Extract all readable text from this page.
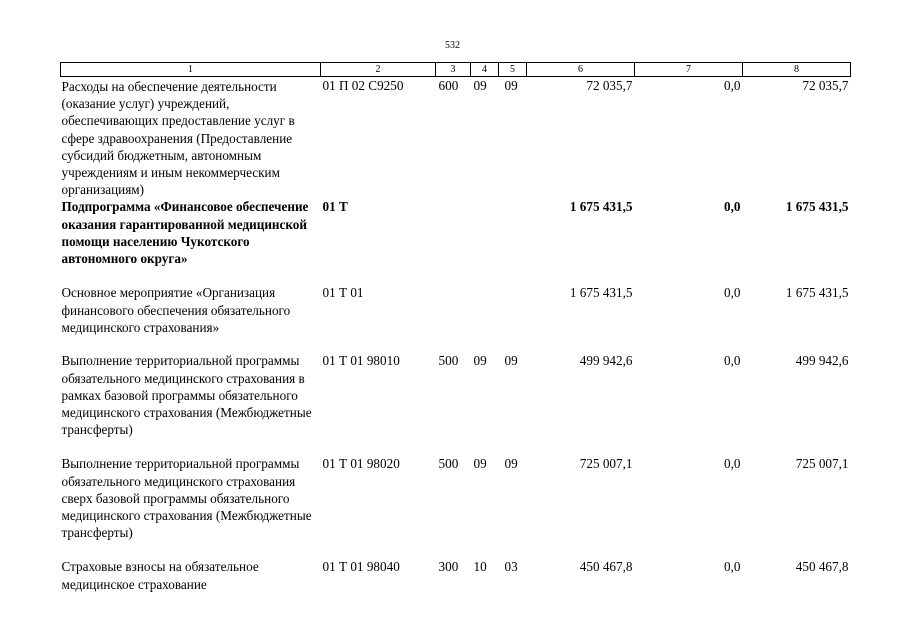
532
1	2	3	4	5	6	7	8
Расходы на обеспечение деятельности (оказание услуг) учреждений, обеспечивающих предоставление услуг в сфере здравоохранения (Предоставление субсидий бюджетным, автономным учреждениям и иным некоммерческим организациям)	01 П 02 С9250	600	09	09	72 035,7	0,0	72 035,7
Подпрограмма «Финансовое обеспечение оказания гарантированной медицинской помощи населению Чукотского автономного округа»	01 Т				1 675 431,5	0,0	1 675 431,5
Основное мероприятие «Организация финансового обеспечения обязательного медицинского страхования»	01 Т 01				1 675 431,5	0,0	1 675 431,5
Выполнение территориальной программы обязательного медицинского страхования в рамках базовой программы обязательного медицинского страхования (Межбюджетные трансферты)	01 Т 01 98010	500	09	09	499 942,6	0,0	499 942,6
Выполнение территориальной программы обязательного медицинского страхования сверх базовой программы обязательного медицинского страхования (Межбюджетные трансферты)	01 Т 01 98020	500	09	09	725 007,1	0,0	725 007,1
Страховые взносы на обязательное медицинское страхование	01 Т 01 98040	300	10	03	450 467,8	0,0	450 467,8
